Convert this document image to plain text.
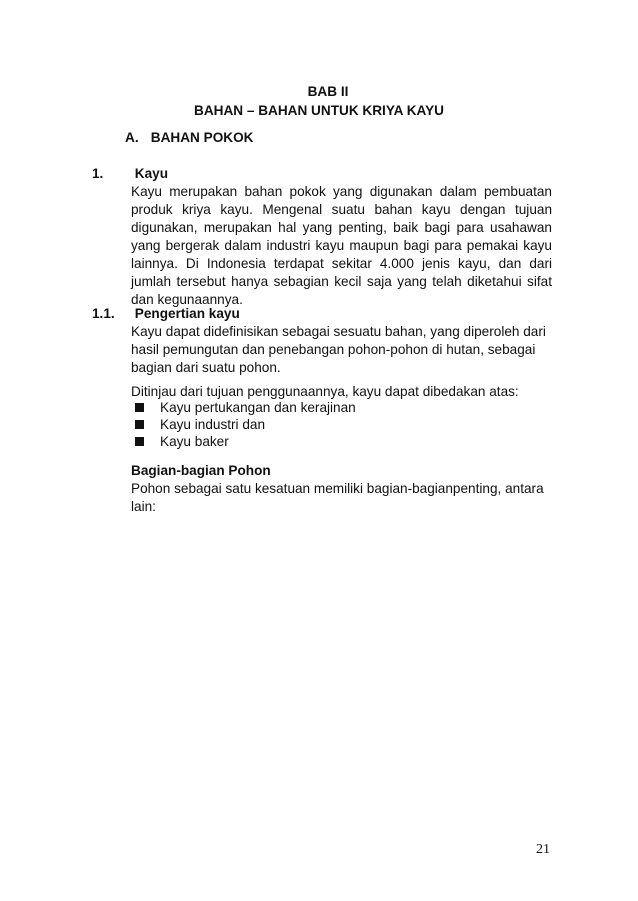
BAB II
BAHAN – BAHAN UNTUK KRIYA KAYU
A. BAHAN POKOK
1. Kayu
Kayu merupakan bahan pokok yang digunakan dalam pembuatan
produk kriya kayu. Mengenal suatu bahan kayu dengan tujuan
digunakan, merupakan hal yang penting, baik bagi para usahawan
yang bergerak dalam industri kayu maupun bagi para pemakai kayu
lainnya. Di Indonesia terdapat sekitar 4.000 jenis kayu, dan dari
jumlah tersebut hanya sebagian kecil saja yang telah diketahui sifat
dan kegunaannya.
1.1. Pengertian kayu
Kayu dapat didefinisikan sebagai sesuatu bahan, yang diperoleh dari
hasil pemungutan dan penebangan pohon-pohon di hutan, sebagai
bagian dari suatu pohon.
Ditinjau dari tujuan penggunaannya, kayu dapat dibedakan atas:
Kayu pertukangan dan kerajinan
Kayu industri dan
Kayu baker
Bagian-bagian Pohon
Pohon sebagai satu kesatuan memiliki bagian-bagianpenting, antara
lain:
21
